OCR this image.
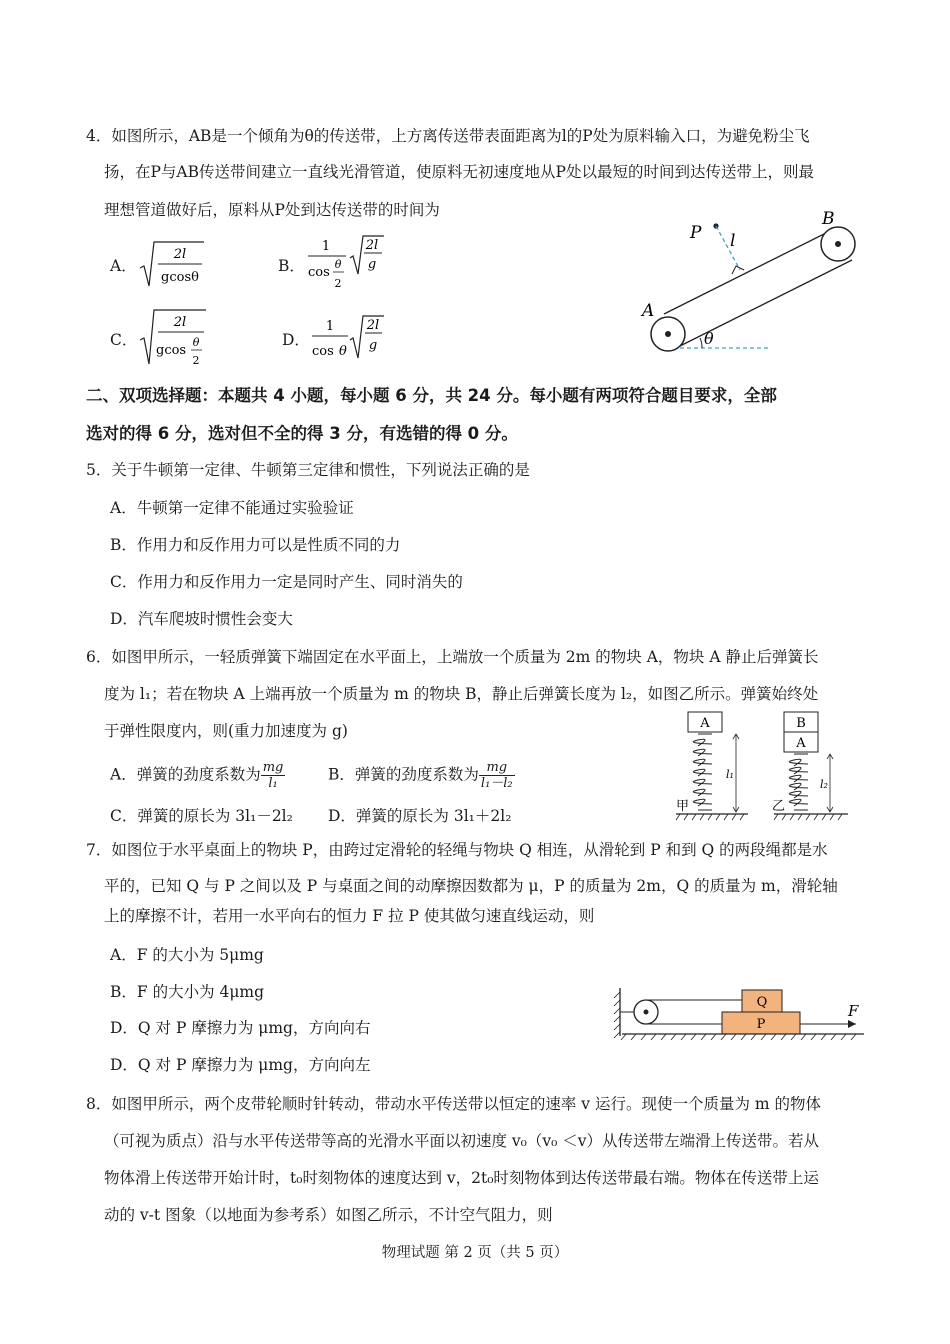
4．如图所示，AB是一个倾角为θ的传送带，上方离传送带表面距离为l的P处为原料输入口，为避免粉尘飞
扬，在P与AB传送带间建立一直线光滑管道，使原料无初速度地从P处以最短的时间到达传送带上，则最
理想管道做好后，原料从P处到达传送带的时间为
A．
2l
gcosθ
B．
1
cos
θ
2
2l
g
C．
2l
gcos
θ
2
D．
1
cos θ
2l
g
P l
A
B
θ
二、双项选择题：本题共 4 小题，每小题 6 分，共 24 分。每小题有两项符合题目要求，全部
选对的得 6 分，选对但不全的得 3 分，有选错的得 0 分。
5．关于牛顿第一定律、牛顿第三定律和惯性，下列说法正确的是
A．牛顿第一定律不能通过实验验证
B．作用力和反作用力可以是性质不同的力
C．作用力和反作用力一定是同时产生、同时消失的
D．汽车爬坡时惯性会变大
6．如图甲所示，一轻质弹簧下端固定在水平面上，上端放一个质量为 2m 的物块 A，物块 A 静止后弹簧长
度为 l₁；若在物块 A 上端再放一个质量为 m 的物块 B，静止后弹簧长度为 l₂，如图乙所示。弹簧始终处
于弹性限度内，则(重力加速度为 g)
A．弹簧的劲度系数为 $\frac{mg}{\text{l₁}}$	B．弹簧的劲度系数为 $\frac{mg}{\text{l₁－l₂}}$
C．弹簧的原长为 3l₁－2l₂ D．弹簧的原长为 3l₁＋2l₂
A
l₁
甲
B
A
l₂
乙
7．如图位于水平桌面上的物块 P，由跨过定滑轮的轻绳与物块 Q 相连，从滑轮到 P 和到 Q 的两段绳都是水
平的，已知 Q 与 P 之间以及 P 与桌面之间的动摩擦因数都为 μ，P 的质量为 2m，Q 的质量为 m，滑轮轴
上的摩擦不计，若用一水平向右的恒力 F 拉 P 使其做匀速直线运动，则
A．F 的大小为 5μmg
B．F 的大小为 4μmg
D．Q 对 P 摩擦力为 μmg，方向向右
D．Q 对 P 摩擦力为 μmg，方向向左
Q
P
F
8．如图甲所示，两个皮带轮顺时针转动，带动水平传送带以恒定的速率 v 运行。现使一个质量为 m 的物体
（可视为质点）沿与水平传送带等高的光滑水平面以初速度 v₀（v₀ ＜v）从传送带左端滑上传送带。若从
物体滑上传送带开始计时，t₀时刻物体的速度达到 v，2t₀时刻物体到达传送带最右端。物体在传送带上运
动的 v-t 图象（以地面为参考系）如图乙所示，不计空气阻力，则
物理试题 第 2 页（共 5 页）
